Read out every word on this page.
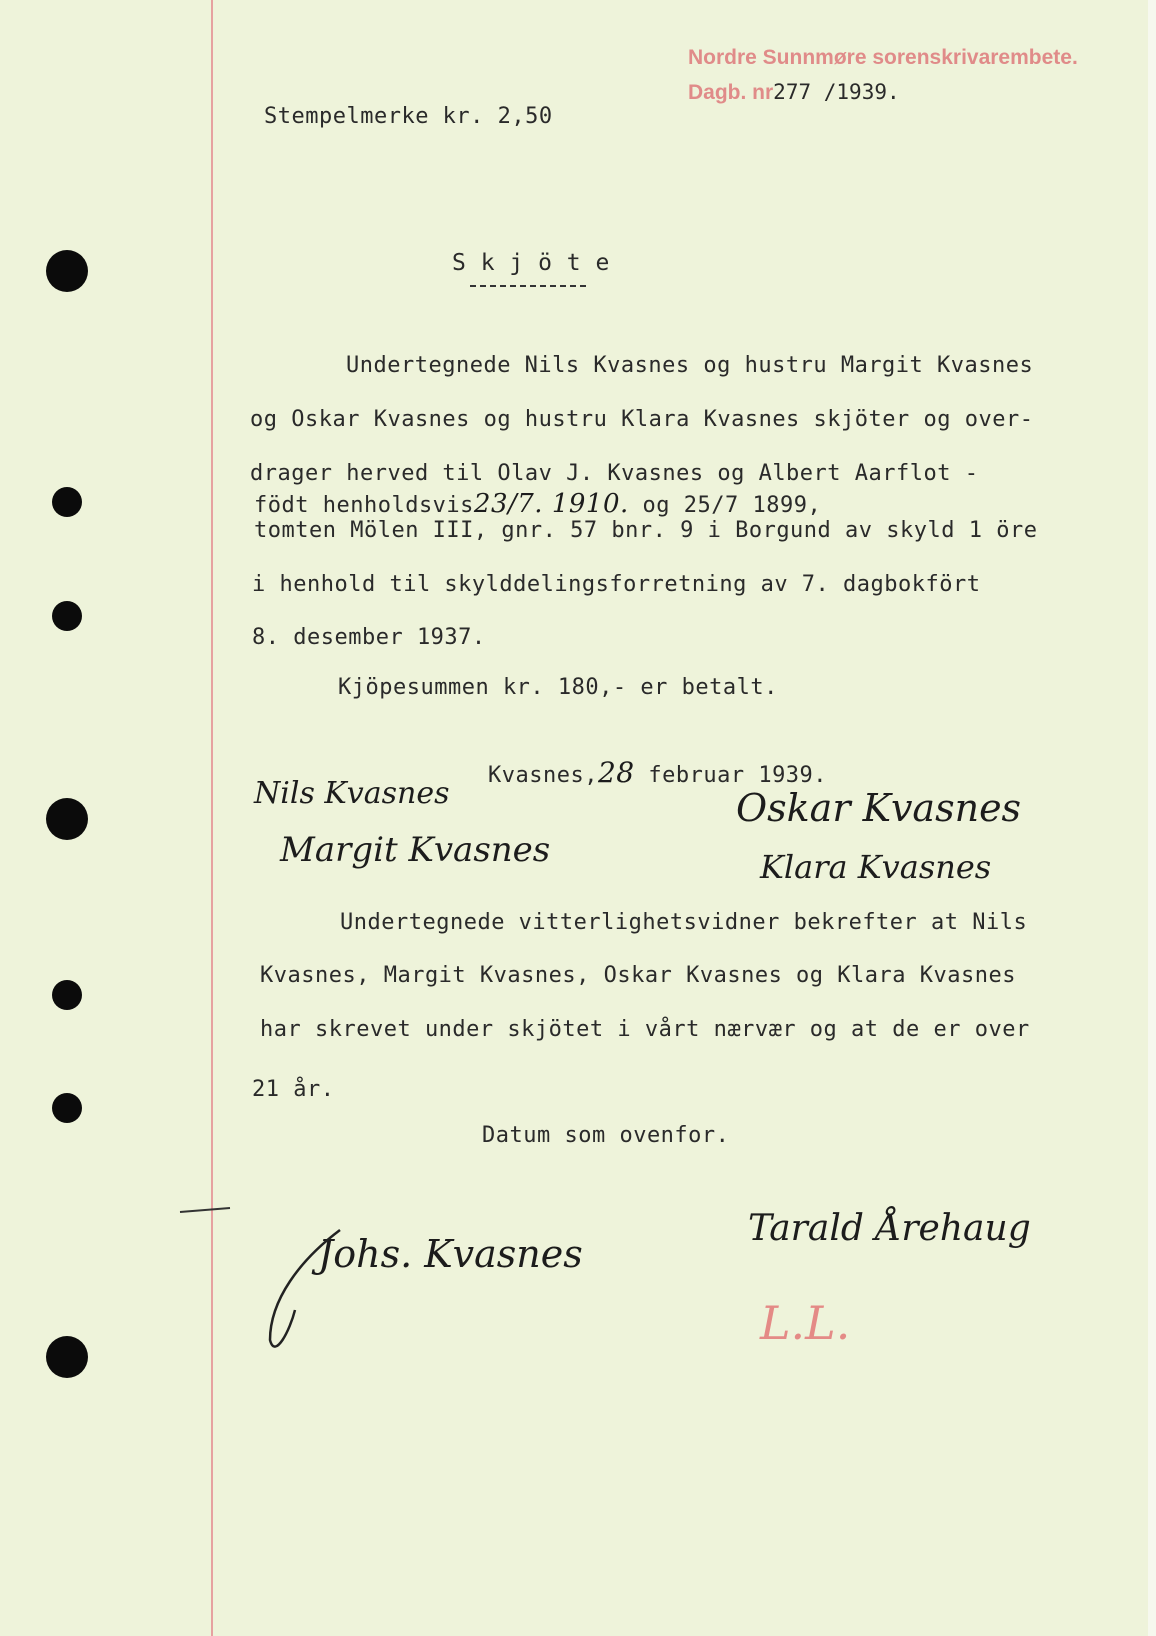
Nordre Sunnmøre sorenskrivarembete.
Dagb. nr277 /1939.
Stempelmerke kr. 2,50
S k j ö t e
Undertegnede Nils Kvasnes og hustru Margit Kvasnes
og Oskar Kvasnes og hustru Klara Kvasnes skjöter og over-
drager herved til Olav J. Kvasnes og Albert Aarflot -
födt henholdsvis23/7. 1910. og 25/7 1899,
tomten Mölen III, gnr. 57 bnr. 9 i Borgund av skyld 1 öre
i henhold til skylddelingsforretning av 7. dagbokfört
8. desember 1937.
Kjöpesummen kr. 180,- er betalt.
Kvasnes,28 februar 1939.
Nils Kvasnes
Margit Kvasnes
Oskar Kvasnes
Klara Kvasnes
Undertegnede vitterlighetsvidner bekrefter at Nils
Kvasnes, Margit Kvasnes, Oskar Kvasnes og Klara Kvasnes
har skrevet under skjötet i vårt nærvær og at de er over
21 år.
Datum som ovenfor.
Johs. Kvasnes
Tarald Årehaug
L.L.
